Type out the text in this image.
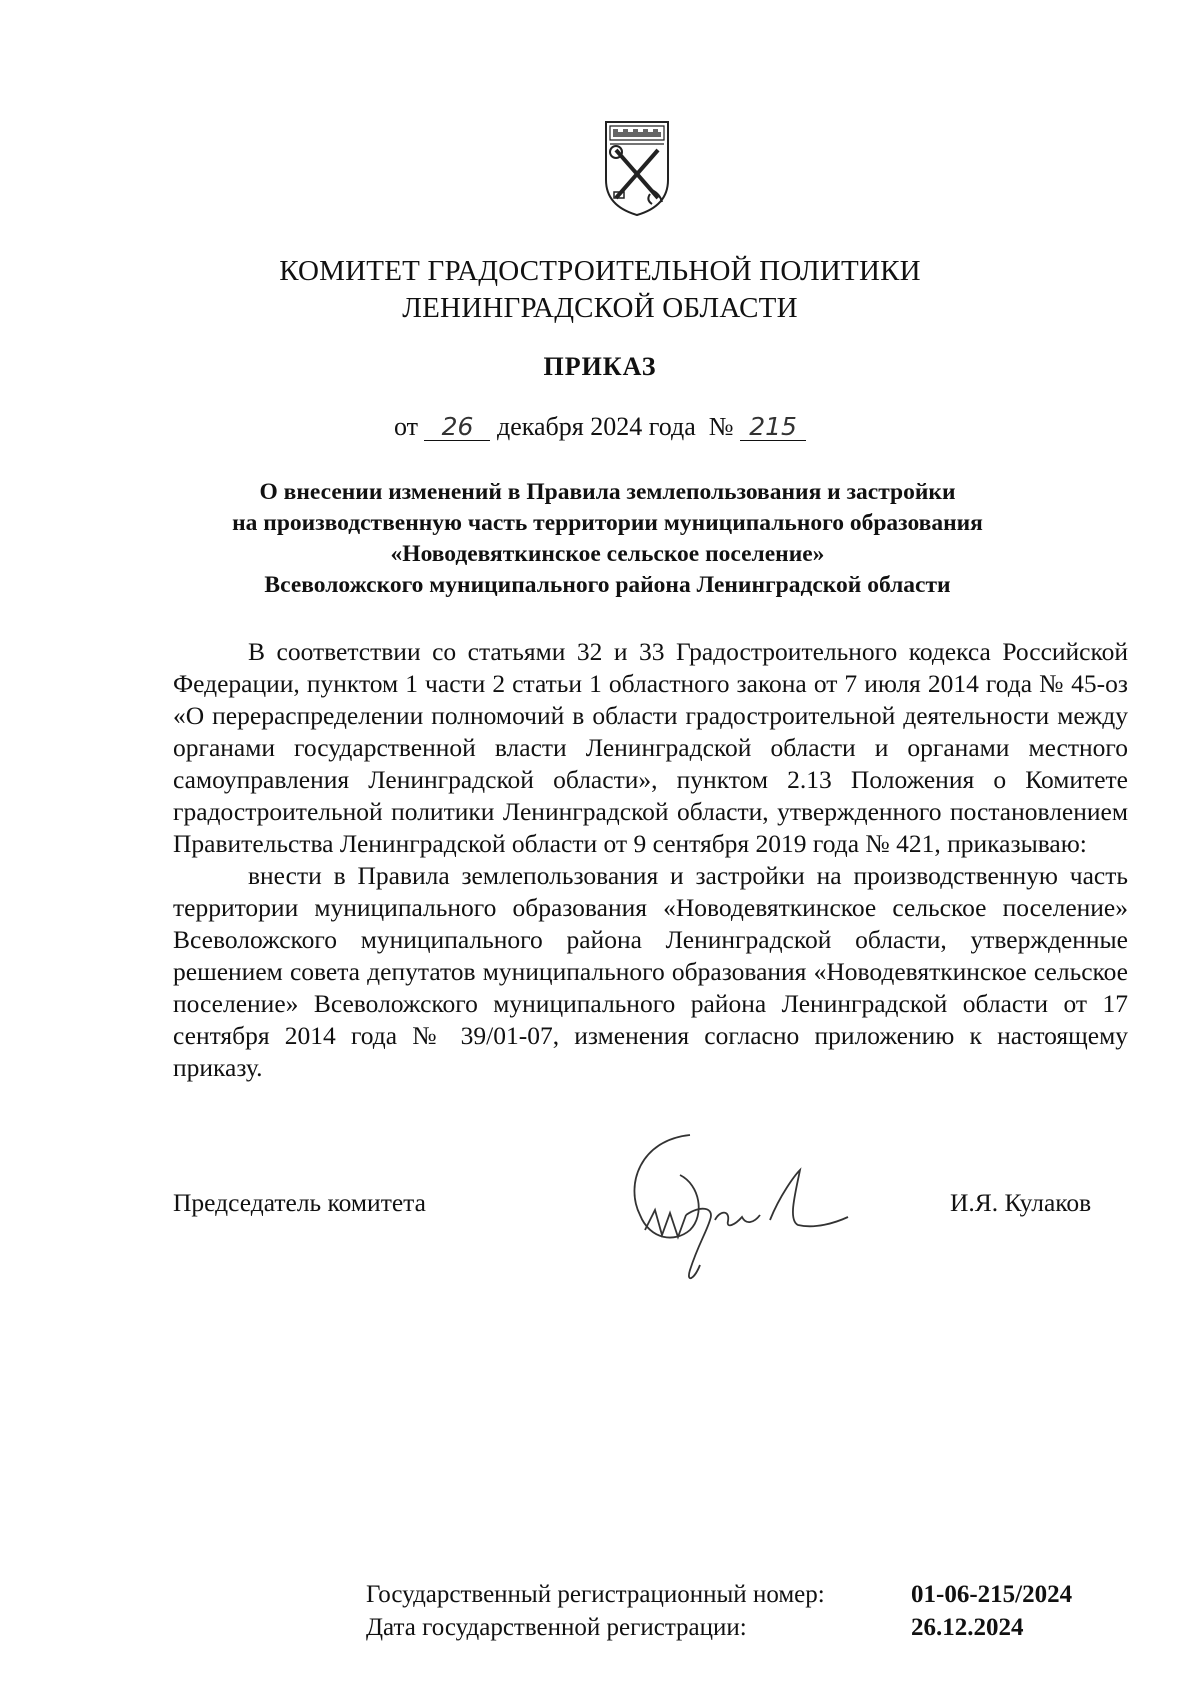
КОМИТЕТ ГРАДОСТРОИТЕЛЬНОЙ ПОЛИТИКИ
ЛЕНИНГРАДСКОЙ ОБЛАСТИ
ПРИКАЗ
от 26 декабря 2024 года № 215
О внесении изменений в Правила землепользования и застройки
на производственную часть территории муниципального образования
«Новодевяткинское сельское поселение»
Всеволожского муниципального района Ленинградской области

В соответствии со статьями 32 и 33 Градостроительного кодекса Российской Федерации, пунктом 1 части 2 статьи 1 областного закона от 7 июля 2014 года № 45-оз «О перераспределении полномочий в области градостроительной деятельности между органами государственной власти Ленинградской области и органами местного самоуправления Ленинградской области», пунктом 2.13 Положения о Комитете градостроительной политики Ленинградской области, утвержденного постановлением Правительства Ленинградской области от 9 сентября 2019 года № 421, приказываю:

внести в Правила землепользования и застройки на производственную часть территории муниципального образования «Новодевяткинское сельское поселение» Всеволожского муниципального района Ленинградской области, утвержденные решением совета депутатов муниципального образования «Новодевяткинское сельское поселение» Всеволожского муниципального района Ленинградской области от 17 сентября 2014 года № 39/01-07, изменения согласно приложению к настоящему приказу.

Председатель комитета	И.Я. Кулаков
Государственный регистрационный номер:	01-06-215/2024
Дата государственной регистрации:	26.12.2024
